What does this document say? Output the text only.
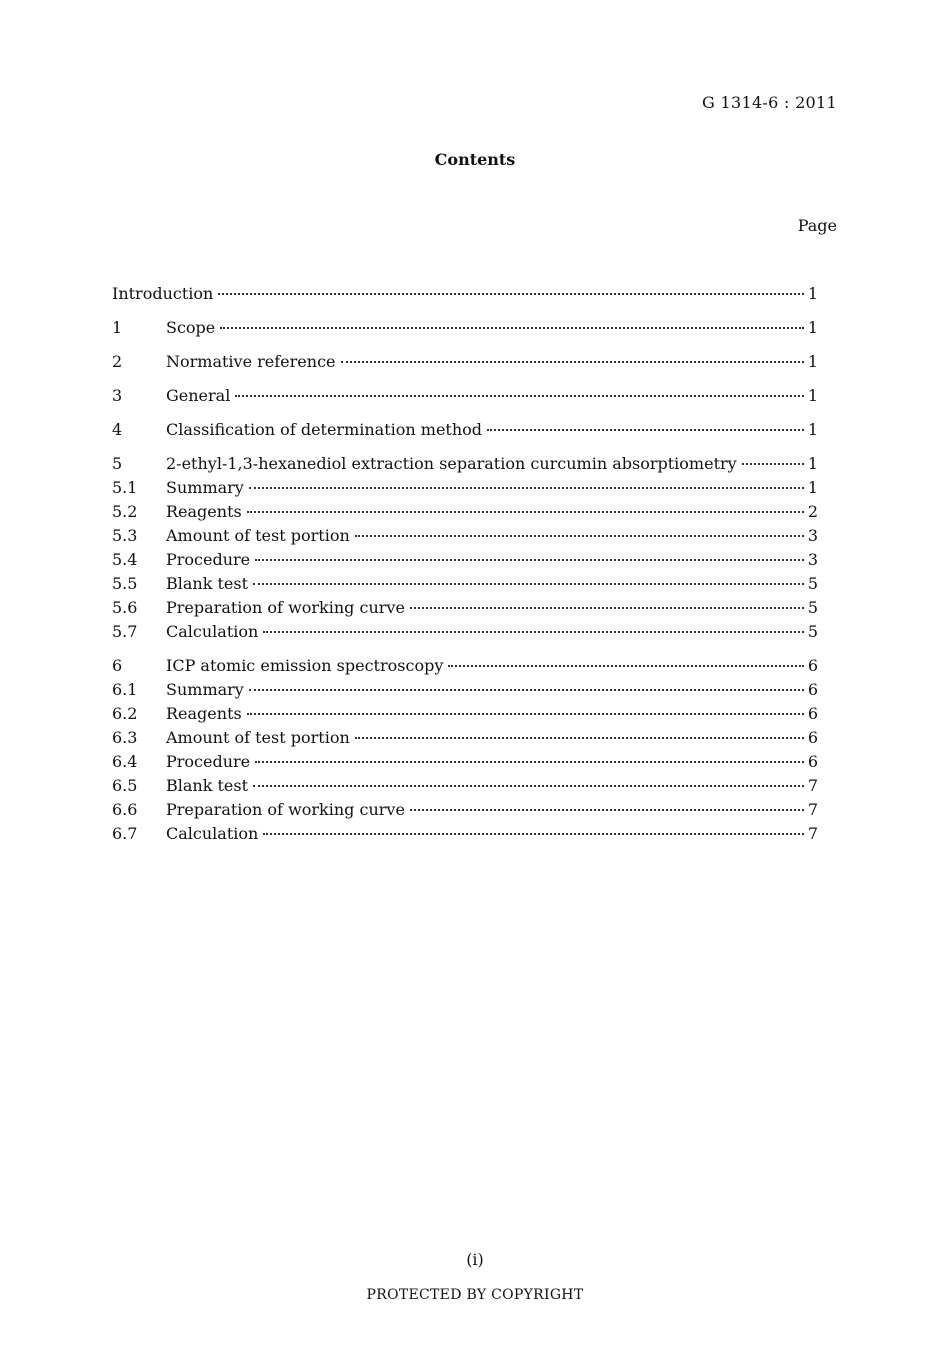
G 1314-6 : 2011
Contents
Page
Introduction	1
1	Scope	1
2	Normative reference	1
3	General	1
4	Classification of determination method	1
5	2-ethyl-1,3-hexanediol extraction separation curcumin absorptiometry	1
5.1	Summary	1
5.2	Reagents	2
5.3	Amount of test portion	3
5.4	Procedure	3
5.5	Blank test	5
5.6	Preparation of working curve	5
5.7	Calculation	5
6	ICP atomic emission spectroscopy	6
6.1	Summary	6
6.2	Reagents	6
6.3	Amount of test portion	6
6.4	Procedure	6
6.5	Blank test	7
6.6	Preparation of working curve	7
6.7	Calculation	7
(i)
PROTECTED BY COPYRIGHT
